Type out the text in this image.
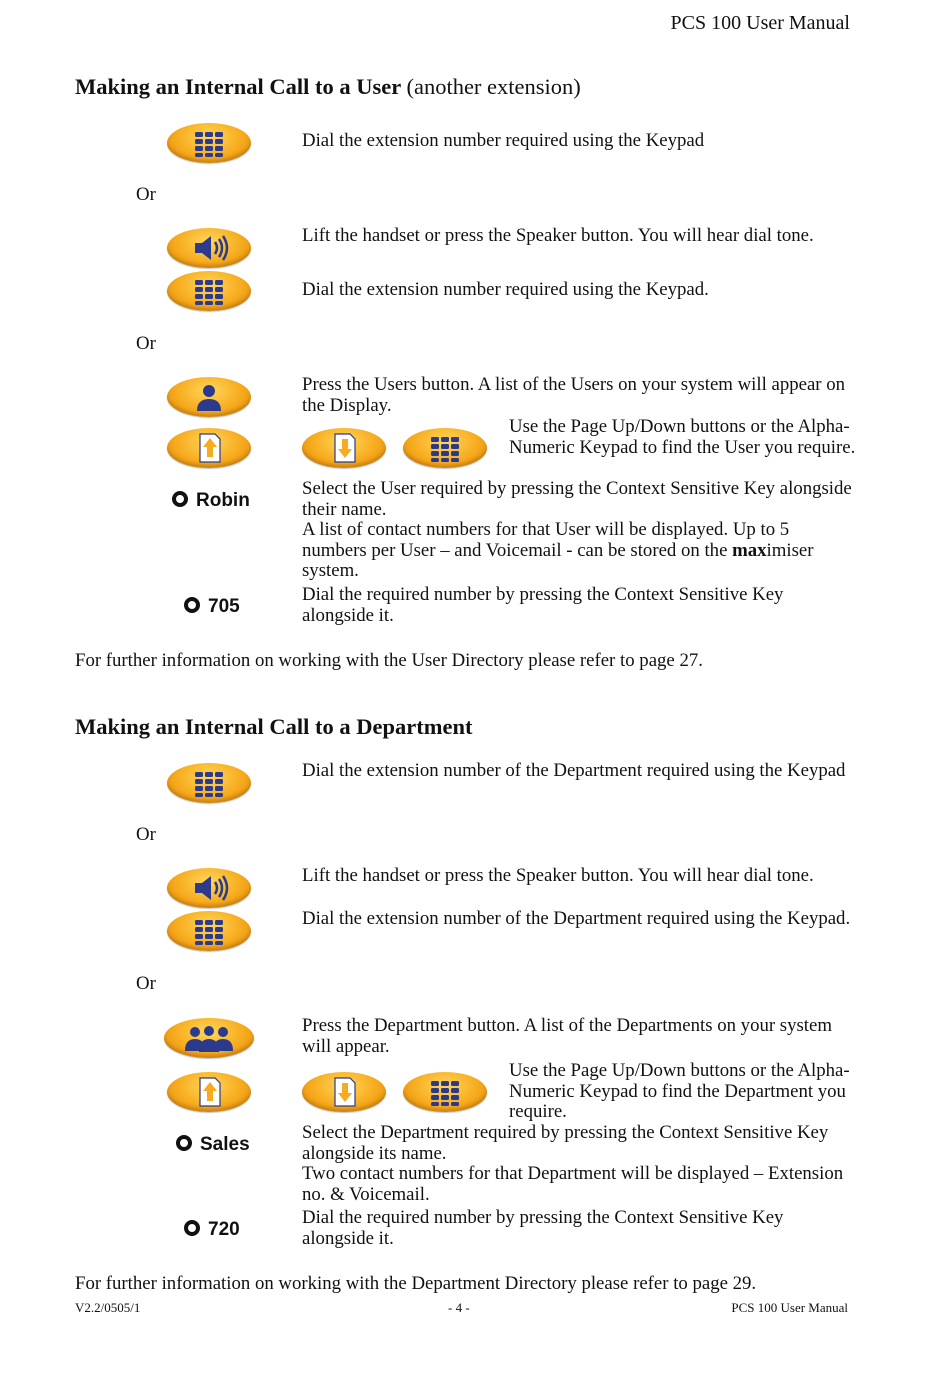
PCS 100 User Manual
Making an Internal Call to a User (another extension)
Dial the extension number required using the Keypad
Or
Lift the handset or press the Speaker button. You will hear dial tone.
Dial the extension number required using the Keypad.
Or
Press the Users button. A list of the Users on your system will appear on the Display.
Use the Page Up/Down buttons or the Alpha- Numeric Keypad to find the User you require.
Robin
Select the User required by pressing the Context Sensitive Key alongside their name.
A list of contact numbers for that User will be displayed. Up to 5 numbers per User – and Voicemail - can be stored on the maximiser system.
705
Dial the required number by pressing the Context Sensitive Key alongside it.
For further information on working with the User Directory please refer to page 27.
Making an Internal Call to a Department
Dial the extension number of the Department required using the Keypad
Or
Lift the handset or press the Speaker button. You will hear dial tone.
Dial the extension number of the Department required using the Keypad.
Or
Press the Department button. A list of the Departments on your system will appear.
Use the Page Up/Down buttons or the Alpha- Numeric Keypad to find the Department you require.
Sales
Select the Department required by pressing the Context Sensitive Key alongside its name.
Two contact numbers for that Department will be displayed – Extension no. & Voicemail.
720
Dial the required number by pressing the Context Sensitive Key alongside it.
For further information on working with the Department Directory please refer to page 29.
V2.2/0505/1	- 4 -	PCS 100 User Manual
